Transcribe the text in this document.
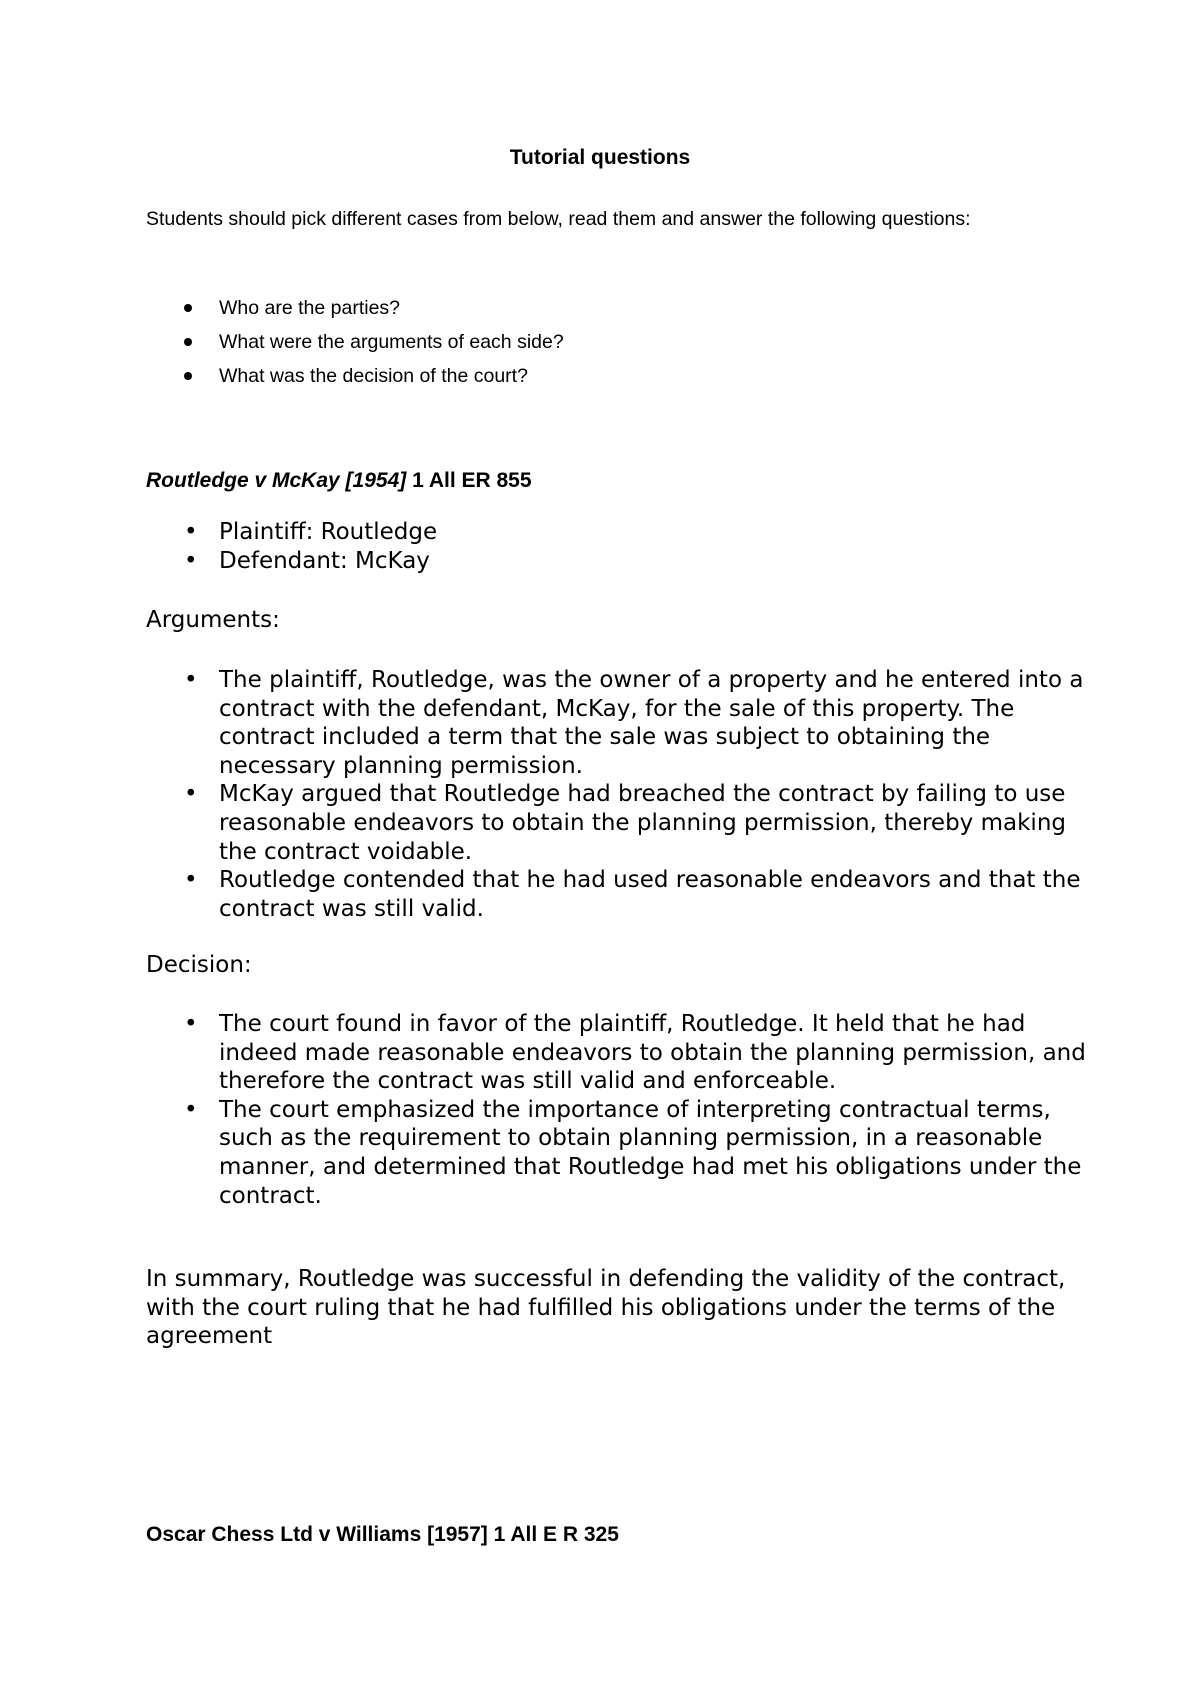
Tutorial questions

Students should pick different cases from below, read them and answer the following questions:

Who are the parties?
What were the arguments of each side?
What was the decision of the court?

Routledge v McKay [1954] 1 All ER 855

• Plaintiff: Routledge
• Defendant: McKay

Arguments:

• The plaintiff, Routledge, was the owner of a property and he entered into a contract with the defendant, McKay, for the sale of this property. The contract included a term that the sale was subject to obtaining the necessary planning permission.
• McKay argued that Routledge had breached the contract by failing to use reasonable endeavors to obtain the planning permission, thereby making the contract voidable.
• Routledge contended that he had used reasonable endeavors and that the contract was still valid.

Decision:

• The court found in favor of the plaintiff, Routledge. It held that he had indeed made reasonable endeavors to obtain the planning permission, and therefore the contract was still valid and enforceable.
• The court emphasized the importance of interpreting contractual terms, such as the requirement to obtain planning permission, in a reasonable manner, and determined that Routledge had met his obligations under the contract.

In summary, Routledge was successful in defending the validity of the contract, with the court ruling that he had fulfilled his obligations under the terms of the agreement

Oscar Chess Ltd v Williams [1957] 1 All E R 325
